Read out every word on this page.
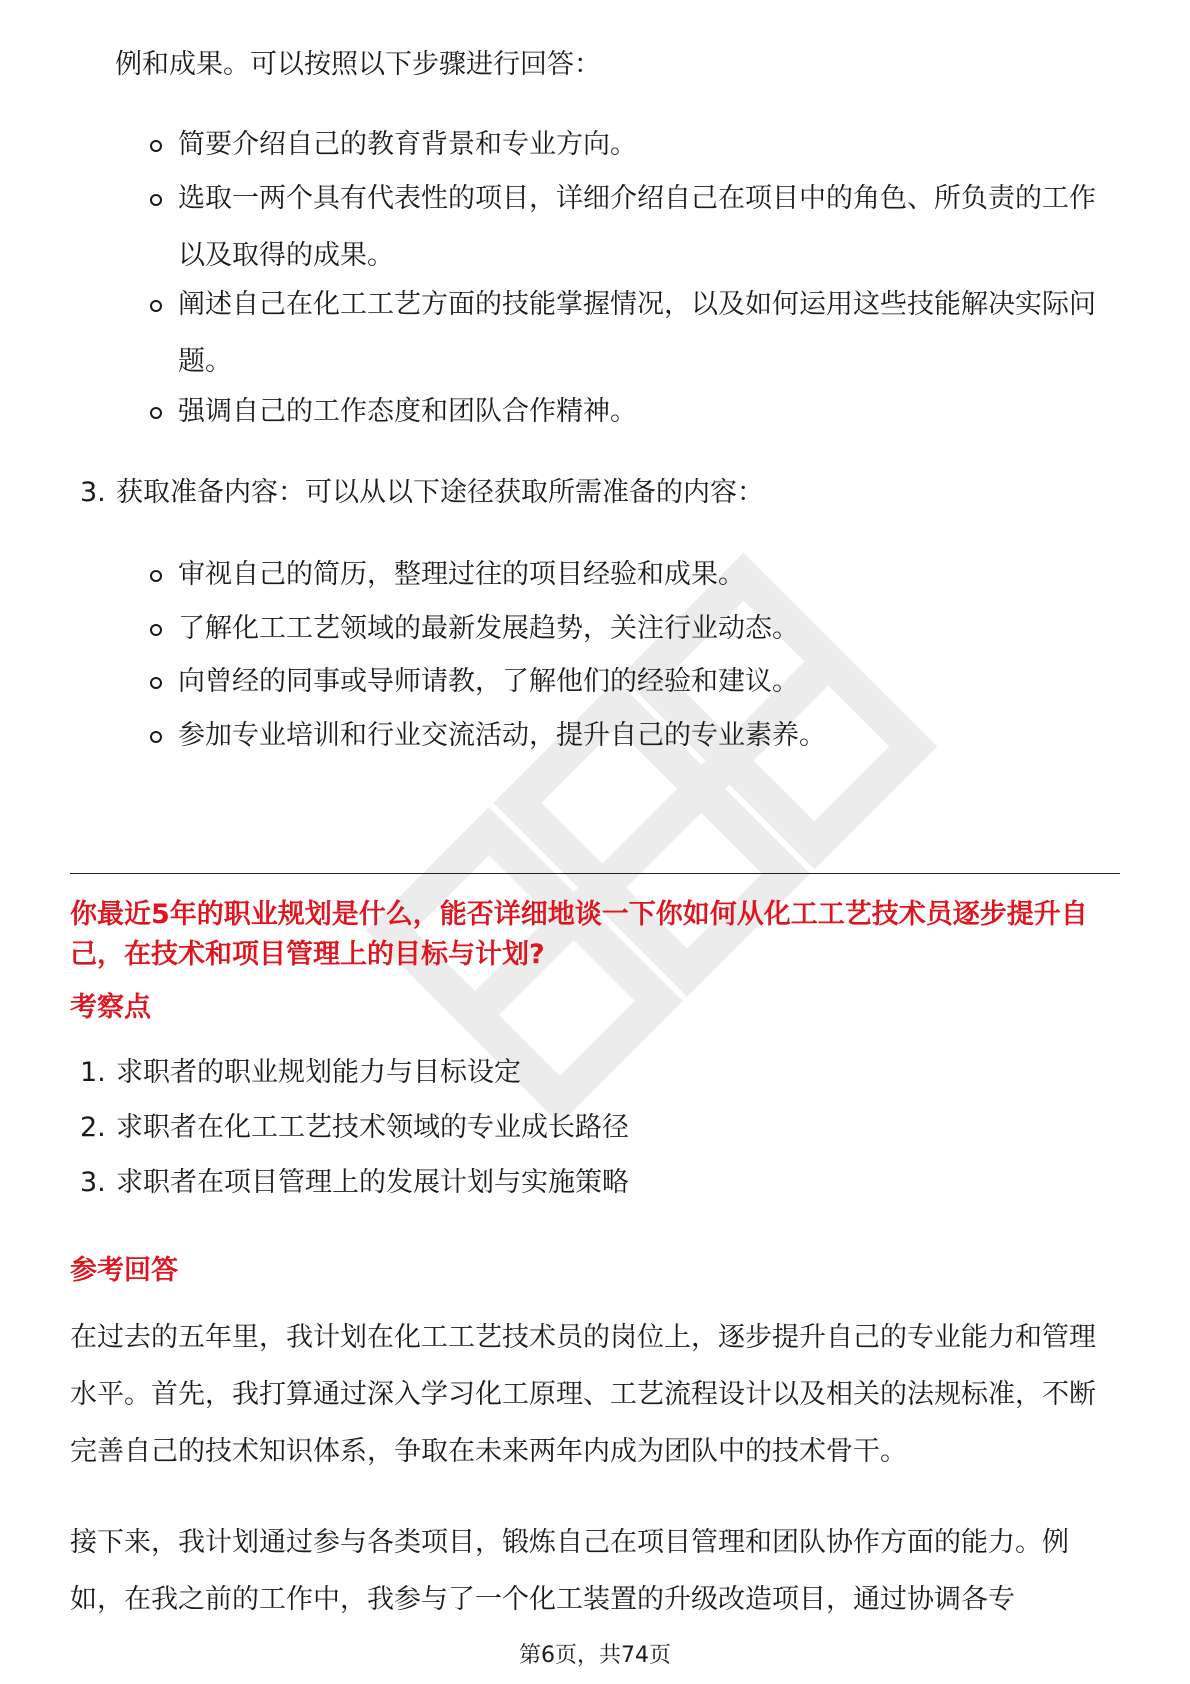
例和成果。可以按照以下步骤进行回答：
简要介绍自己的教育背景和专业方向。
选取一两个具有代表性的项目，详细介绍自己在项目中的角色、所负责的工作以及取得的成果。
阐述自己在化工工艺方面的技能掌握情况，以及如何运用这些技能解决实际问题。
强调自己的工作态度和团队合作精神。
3. 获取准备内容：可以从以下途径获取所需准备的内容：
审视自己的简历，整理过往的项目经验和成果。
了解化工工艺领域的最新发展趋势，关注行业动态。
向曾经的同事或导师请教，了解他们的经验和建议。
参加专业培训和行业交流活动，提升自己的专业素养。
你最近5年的职业规划是什么，能否详细地谈一下你如何从化工工艺技术员逐步提升自己，在技术和项目管理上的目标与计划?
考察点
1. 求职者的职业规划能力与目标设定
2. 求职者在化工工艺技术领域的专业成长路径
3. 求职者在项目管理上的发展计划与实施策略
参考回答
在过去的五年里，我计划在化工工艺技术员的岗位上，逐步提升自己的专业能力和管理水平。首先，我打算通过深入学习化工原理、工艺流程设计以及相关的法规标准，不断完善自己的技术知识体系，争取在未来两年内成为团队中的技术骨干。
接下来，我计划通过参与各类项目，锻炼自己在项目管理和团队协作方面的能力。例如，在我之前的工作中，我参与了一个化工装置的升级改造项目，通过协调各专
第6页，共74页
